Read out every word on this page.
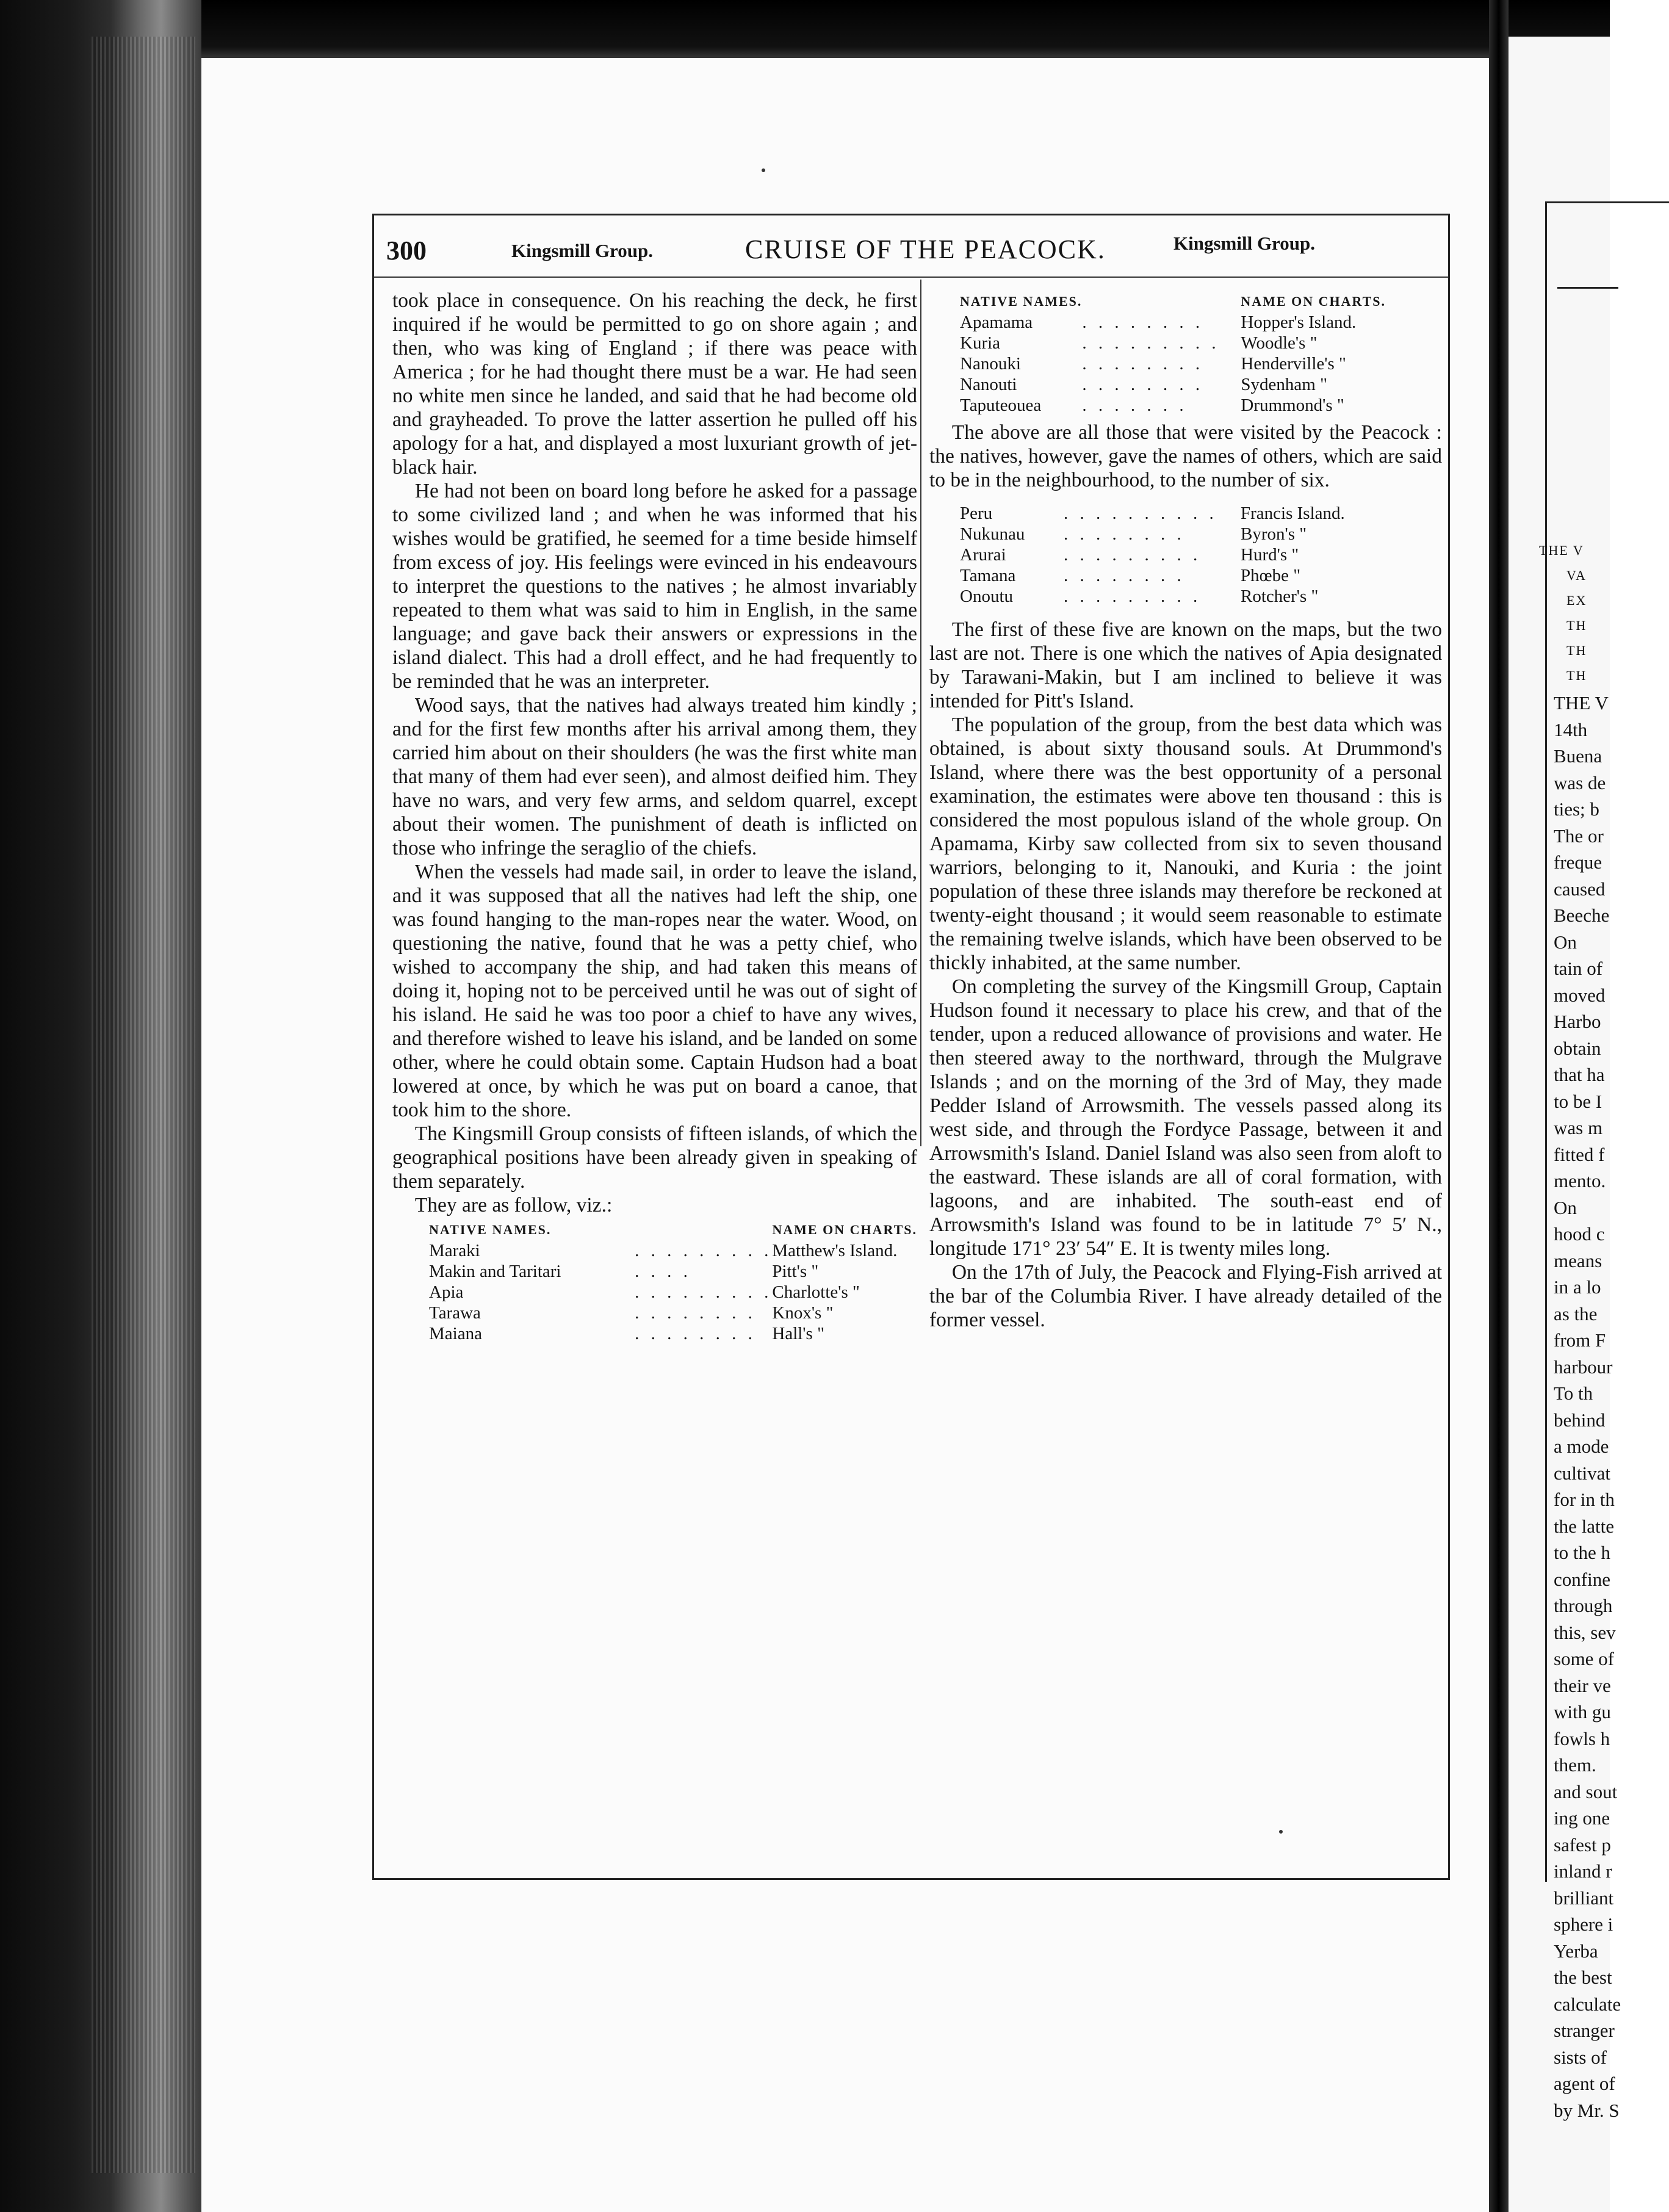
THE V
VA
EX
TH
TH
TH
THE V
14th
Buena
was de
ties; b
The or
freque
caused
Beeche
On
tain of
moved
Harbo
obtain
that ha
to be I
was m
fitted f
mento.
On
hood c
means
in a lo
as the
from F
harbour
To th
behind
a mode
cultivat
for in th
the latte
to the h
confine
through
this, sev
some of
their ve
with gu
fowls h
them.
and sout
ing one
safest p
inland r
brilliant
sphere i
Yerba
the best
calculate
stranger
sists of
agent of
by Mr. S
300	Kingsmill Group.	CRUISE OF THE PEACOCK.	Kingsmill Group.

took place in consequence. On his reaching the deck, he first inquired if he would be permitted to go on shore again ; and then, who was king of England ; if there was peace with America ; for he had thought there must be a war. He had seen no white men since he landed, and said that he had become old and grayheaded. To prove the latter assertion he pulled off his apology for a hat, and displayed a most luxuriant growth of jet-black hair.

He had not been on board long before he asked for a passage to some civilized land ; and when he was informed that his wishes would be gratified, he seemed for a time beside himself from excess of joy. His feelings were evinced in his endeavours to interpret the questions to the natives ; he almost invariably repeated to them what was said to him in English, in the same language; and gave back their answers or expressions in the island dialect. This had a droll effect, and he had frequently to be reminded that he was an interpreter.

Wood says, that the natives had always treated him kindly ; and for the first few months after his arrival among them, they carried him about on their shoulders (he was the first white man that many of them had ever seen), and almost deified him. They have no wars, and very few arms, and seldom quarrel, except about their women. The punishment of death is inflicted on those who infringe the seraglio of the chiefs.

When the vessels had made sail, in order to leave the island, and it was supposed that all the natives had left the ship, one was found hanging to the man-ropes near the water. Wood, on questioning the native, found that he was a petty chief, who wished to accompany the ship, and had taken this means of doing it, hoping not to be perceived until he was out of sight of his island. He said he was too poor a chief to have any wives, and therefore wished to leave his island, and be landed on some other, where he could obtain some. Captain Hudson had a boat lowered at once, by which he was put on board a canoe, that took him to the shore.

The Kingsmill Group consists of fifteen islands, of which the geographical positions have been already given in speaking of them separately.

They are as follow, viz.:

NATIVE NAMES.		NAME ON CHARTS.
Maraki	. . . . . . . . .	Matthew's Island.
Makin and Taritari	. . . .	Pitt's "
Apia	. . . . . . . . .	Charlotte's "
Tarawa	. . . . . . . .	Knox's "
Maiana	. . . . . . . .	Hall's "
NATIVE NAMES.		NAME ON CHARTS.
Apamama	. . . . . . . .	Hopper's Island.
Kuria	. . . . . . . . .	Woodle's "
Nanouki	. . . . . . . .	Henderville's "
Nanouti	. . . . . . . .	Sydenham "
Taputeouea	. . . . . . .	Drummond's "

The above are all those that were visited by the Peacock : the natives, however, gave the names of others, which are said to be in the neighbourhood, to the number of six.

Peru	. . . . . . . . . .	Francis Island.
Nukunau	. . . . . . . .	Byron's "
Arurai	. . . . . . . . .	Hurd's "
Tamana	. . . . . . . .	Phœbe "
Onoutu	. . . . . . . . .	Rotcher's "

The first of these five are known on the maps, but the two last are not. There is one which the natives of Apia designated by Tarawani-Makin, but I am inclined to believe it was intended for Pitt's Island.

The population of the group, from the best data which was obtained, is about sixty thousand souls. At Drummond's Island, where there was the best opportunity of a personal examination, the estimates were above ten thousand : this is considered the most populous island of the whole group. On Apamama, Kirby saw collected from six to seven thousand warriors, belonging to it, Nanouki, and Kuria : the joint population of these three islands may therefore be reckoned at twenty-eight thousand ; it would seem reasonable to estimate the remaining twelve islands, which have been observed to be thickly inhabited, at the same number.

On completing the survey of the Kingsmill Group, Captain Hudson found it necessary to place his crew, and that of the tender, upon a reduced allowance of provisions and water. He then steered away to the northward, through the Mulgrave Islands ; and on the morning of the 3rd of May, they made Pedder Island of Arrowsmith. The vessels passed along its west side, and through the Fordyce Passage, between it and Arrowsmith's Island. Daniel Island was also seen from aloft to the eastward. These islands are all of coral formation, with lagoons, and are inhabited. The south-east end of Arrowsmith's Island was found to be in latitude 7° 5′ N., longitude 171° 23′ 54″ E. It is twenty miles long.

On the 17th of July, the Peacock and Flying-Fish arrived at the bar of the Columbia River. I have already detailed of the former vessel.
